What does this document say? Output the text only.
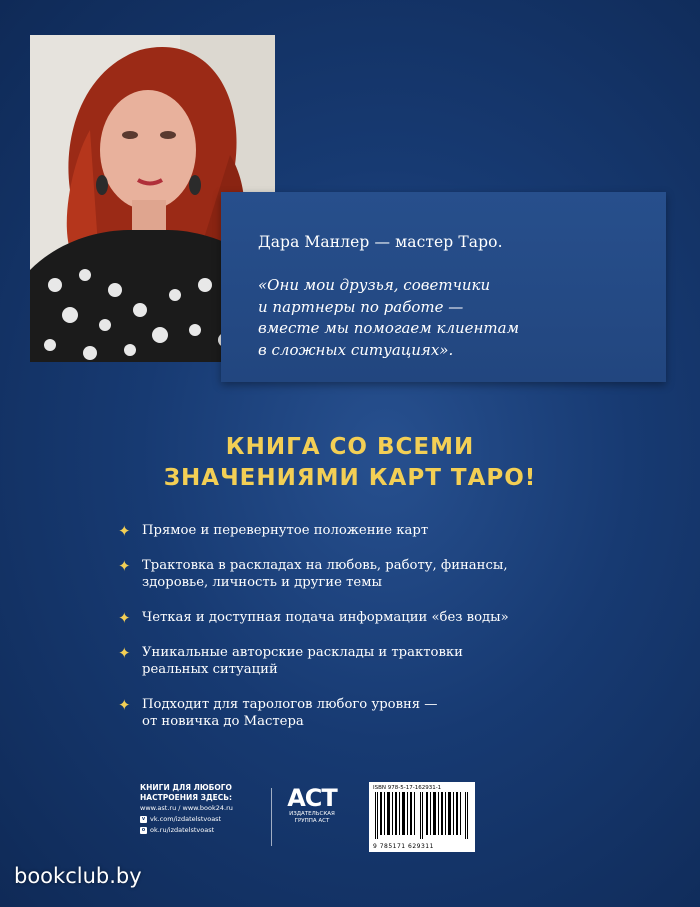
Дара Манлер — мастер Таро.
«Они мои друзья, советчики
и партнеры по работе —
вместе мы помогаем клиентам
в сложных ситуациях».
КНИГА СО ВСЕМИ
ЗНАЧЕНИЯМИ КАРТ ТАРО!
✦ Прямое и перевернутое положение карт
✦ Трактовка в раскладах на любовь, работу, финансы,
здоровье, личность и другие темы
✦ Четкая и доступная подача информации «без воды»
✦ Уникальные авторские расклады и трактовки
реальных ситуаций
✦ Подходит для тарологов любого уровня —
от новичка до Мастера
КНИГИ ДЛЯ ЛЮБОГО
НАСТРОЕНИЯ ЗДЕСЬ:
www.ast.ru / www.book24.ru
v vk.com/izdatelstvoast
o ok.ru/izdatelstvoast
ACT
ИЗДАТЕЛЬСКАЯ
ГРУППА АСТ
ISBN 978-5-17-162931-1
9 785171 629311
bookclub.by
